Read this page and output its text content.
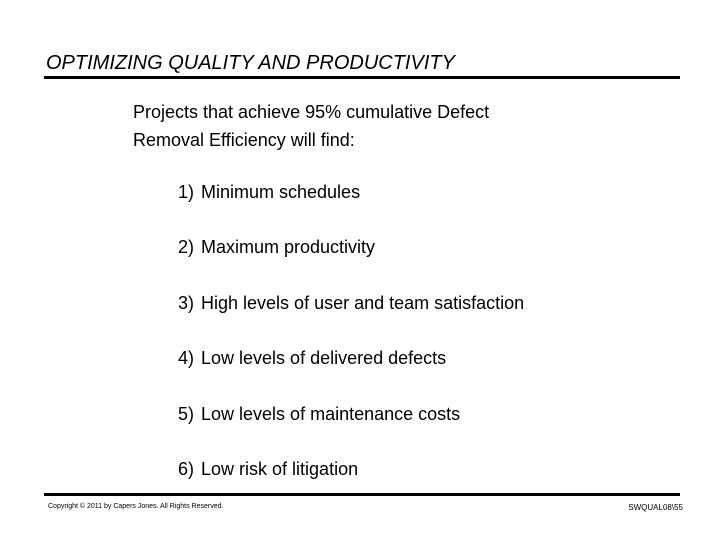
OPTIMIZING QUALITY AND PRODUCTIVITY
Projects that achieve 95% cumulative Defect
Removal Efficiency will find:
1) Minimum schedules
2) Maximum productivity
3) High levels of user and team satisfaction
4) Low levels of delivered defects
5) Low levels of maintenance costs
6) Low risk of litigation
Copyright © 2011 by Capers Jones. All Rights Reserved.	SWQUAL08\55
